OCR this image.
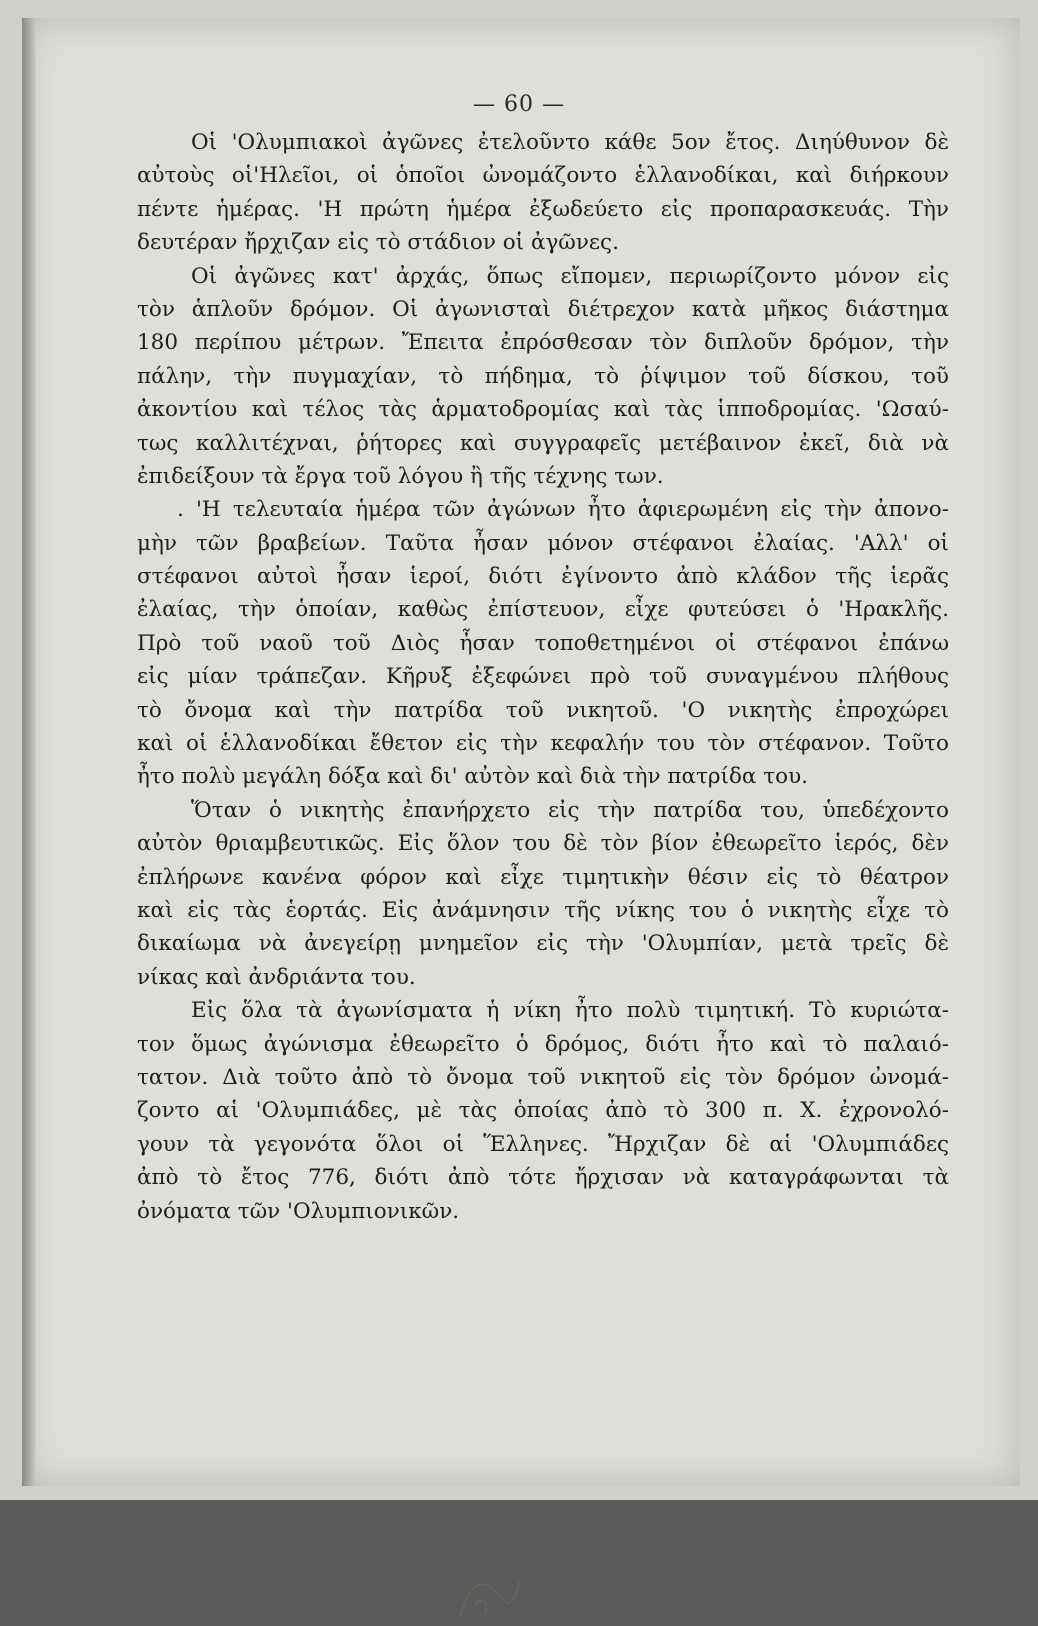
— 60 —
Οἱ 'Ολυμπιακοὶ ἀγῶνες ἐτελοῦντο κάθε 5ον ἔτος. Διηύθυνον δὲ
αὐτοὺς οἱ'Ηλεῖοι, οἱ ὁποῖοι ὠνομάζοντο ἑλλανοδίκαι, καὶ διήρκουν
πέντε ἡμέρας. 'Η πρώτη ἡμέρα ἐξωδεύετο εἰς προπαρασκευάς. Τὴν
δευτέραν ἤρχιζαν εἰς τὸ στάδιον οἱ ἀγῶνες.
Οἱ ἀγῶνες κατ' ἀρχάς, ὅπως εἴπομεν, περιωρίζοντο μόνον εἰς
τὸν ἁπλοῦν δρόμον. Οἱ ἀγωνισταὶ διέτρεχον κατὰ μῆκος διάστημα
180 περίπου μέτρων. Ἔπειτα ἐπρόσθεσαν τὸν διπλοῦν δρόμον, τὴν
πάλην, τὴν πυγμαχίαν, τὸ πήδημα, τὸ ῥίψιμον τοῦ δίσκου, τοῦ
ἀκοντίου καὶ τέλος τὰς ἁρματοδρομίας καὶ τὰς ἱπποδρομίας. 'Ωσαύ-
τως καλλιτέχναι, ῥήτορες καὶ συγγραφεῖς μετέβαινον ἐκεῖ, διὰ νὰ
ἐπιδείξουν τὰ ἔργα τοῦ λόγου ἢ τῆς τέχνης των.
. 'Η τελευταία ἡμέρα τῶν ἀγώνων ἦτο ἀφιερωμένη εἰς τὴν ἀπονο-
μὴν τῶν βραβείων. Ταῦτα ἦσαν μόνον στέφανοι ἐλαίας. 'Αλλ' οἱ
στέφανοι αὐτοὶ ἦσαν ἱεροί, διότι ἐγίνοντο ἀπὸ κλάδον τῆς ἱερᾶς
ἐλαίας, τὴν ὁποίαν, καθὼς ἐπίστευον, εἶχε φυτεύσει ὁ 'Ηρακλῆς.
Πρὸ τοῦ ναοῦ τοῦ Διὸς ἦσαν τοποθετημένοι οἱ στέφανοι ἐπάνω
εἰς μίαν τράπεζαν. Κῆρυξ ἐξεφώνει πρὸ τοῦ συναγμένου πλήθους
τὸ ὄνομα καὶ τὴν πατρίδα τοῦ νικητοῦ. 'Ο νικητὴς ἐπροχώρει
καὶ οἱ ἑλλανοδίκαι ἔθετον εἰς τὴν κεφαλήν του τὸν στέφανον. Τοῦτο
ἦτο πολὺ μεγάλη δόξα καὶ δι' αὐτὸν καὶ διὰ τὴν πατρίδα του.
Ὅταν ὁ νικητὴς ἐπανήρχετο εἰς τὴν πατρίδα του, ὑπεδέχοντο
αὐτὸν θριαμβευτικῶς. Εἰς ὅλον του δὲ τὸν βίον ἐθεωρεῖτο ἱερός, δὲν
ἐπλήρωνε κανένα φόρον καὶ εἶχε τιμητικὴν θέσιν εἰς τὸ θέατρον
καὶ εἰς τὰς ἑορτάς. Εἰς ἀνάμνησιν τῆς νίκης του ὁ νικητὴς εἶχε τὸ
δικαίωμα νὰ ἀνεγείρῃ μνημεῖον εἰς τὴν 'Ολυμπίαν, μετὰ τρεῖς δὲ
νίκας καὶ ἀνδριάντα του.
Εἰς ὅλα τὰ ἀγωνίσματα ἡ νίκη ἦτο πολὺ τιμητική. Τὸ κυριώτα-
τον ὅμως ἀγώνισμα ἐθεωρεῖτο ὁ δρόμος, διότι ἦτο καὶ τὸ παλαιό-
τατον. Διὰ τοῦτο ἀπὸ τὸ ὄνομα τοῦ νικητοῦ εἰς τὸν δρόμον ὠνομά-
ζοντο αἱ 'Ολυμπιάδες, μὲ τὰς ὁποίας ἀπὸ τὸ 300 π. Χ. ἐχρονολό-
γουν τὰ γεγονότα ὅλοι οἱ Ἕλληνες. Ἤρχιζαν δὲ αἱ 'Ολυμπιάδες
ἀπὸ τὸ ἔτος 776, διότι ἀπὸ τότε ἤρχισαν νὰ καταγράφωνται τὰ
ὀνόματα τῶν 'Ολυμπιονικῶν.
